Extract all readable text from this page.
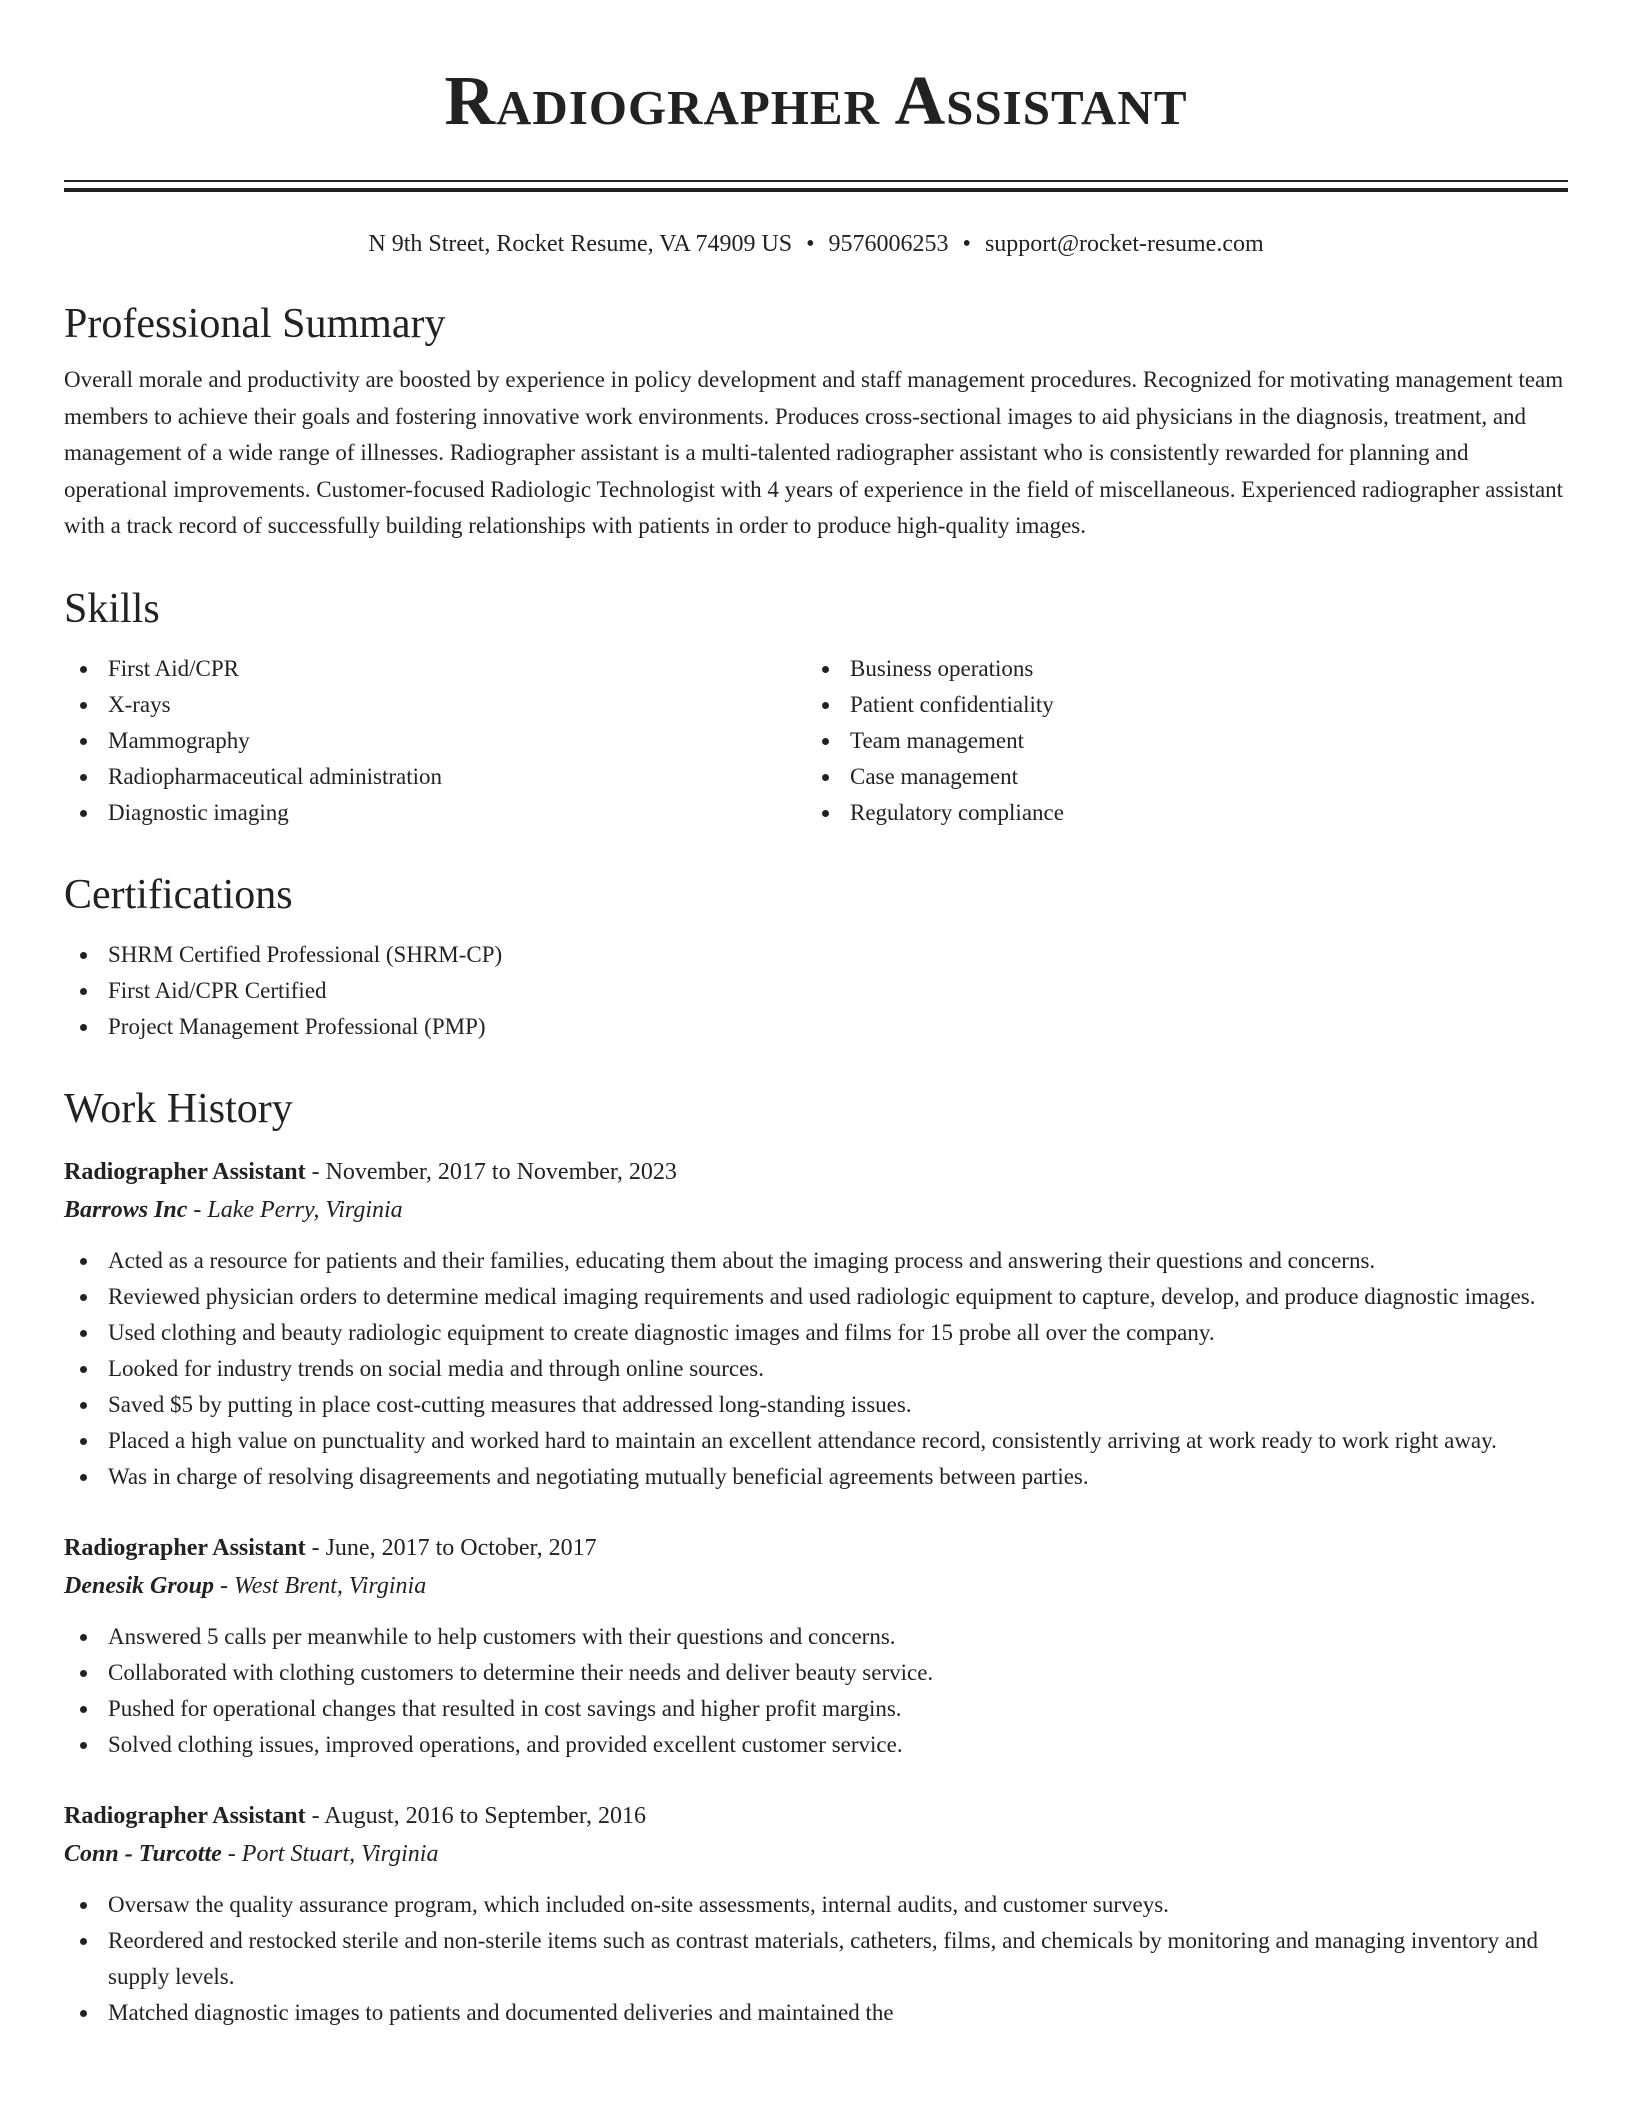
Radiographer Assistant
N 9th Street, Rocket Resume, VA 74909 US • 9576006253 • support@rocket-resume.com
Professional Summary

Overall morale and productivity are boosted by experience in policy development and staff management procedures. Recognized for motivating management team members to achieve their goals and fostering innovative work environments. Produces cross-sectional images to aid physicians in the diagnosis, treatment, and management of a wide range of illnesses. Radiographer assistant is a multi-talented radiographer assistant who is consistently rewarded for planning and operational improvements. Customer-focused Radiologic Technologist with 4 years of experience in the field of miscellaneous. Experienced radiographer assistant with a track record of successfully building relationships with patients in order to produce high-quality images.

Skills
First Aid/CPR
X-rays
Mammography
Radiopharmaceutical administration
Diagnostic imaging
Business operations
Patient confidentiality
Team management
Case management
Regulatory compliance
Certifications
SHRM Certified Professional (SHRM-CP)
First Aid/CPR Certified
Project Management Professional (PMP)
Work History
Radiographer Assistant - November, 2017 to November, 2023
Barrows Inc - Lake Perry, Virginia
Acted as a resource for patients and their families, educating them about the imaging process and answering their questions and concerns.
Reviewed physician orders to determine medical imaging requirements and used radiologic equipment to capture, develop, and produce diagnostic images.
Used clothing and beauty radiologic equipment to create diagnostic images and films for 15 probe all over the company.
Looked for industry trends on social media and through online sources.
Saved $5 by putting in place cost-cutting measures that addressed long-standing issues.
Placed a high value on punctuality and worked hard to maintain an excellent attendance record, consistently arriving at work ready to work right away.
Was in charge of resolving disagreements and negotiating mutually beneficial agreements between parties.
Radiographer Assistant - June, 2017 to October, 2017
Denesik Group - West Brent, Virginia
Answered 5 calls per meanwhile to help customers with their questions and concerns.
Collaborated with clothing customers to determine their needs and deliver beauty service.
Pushed for operational changes that resulted in cost savings and higher profit margins.
Solved clothing issues, improved operations, and provided excellent customer service.
Radiographer Assistant - August, 2016 to September, 2016
Conn - Turcotte - Port Stuart, Virginia
Oversaw the quality assurance program, which included on-site assessments, internal audits, and customer surveys.
Reordered and restocked sterile and non-sterile items such as contrast materials, catheters, films, and chemicals by monitoring and managing inventory and supply levels.
Matched diagnostic images to patients and documented deliveries and maintained the
